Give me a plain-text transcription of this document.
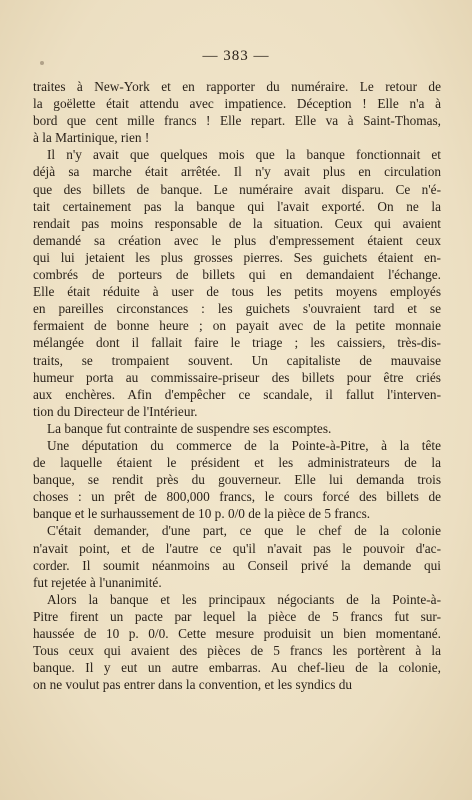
— 383 —
traites à New-York et en rapporter du numéraire. Le retour de
la goëlette était attendu avec impatience. Déception ! Elle n'a à
bord que cent mille francs ! Elle repart. Elle va à Saint-Thomas,
à la Martinique, rien !
Il n'y avait que quelques mois que la banque fonctionnait et
déjà sa marche était arrêtée. Il n'y avait plus en circulation
que des billets de banque. Le numéraire avait disparu. Ce n'é-
tait certainement pas la banque qui l'avait exporté. On ne la
rendait pas moins responsable de la situation. Ceux qui avaient
demandé sa création avec le plus d'empressement étaient ceux
qui lui jetaient les plus grosses pierres. Ses guichets étaient en-
combrés de porteurs de billets qui en demandaient l'échange.
Elle était réduite à user de tous les petits moyens employés
en pareilles circonstances : les guichets s'ouvraient tard et se
fermaient de bonne heure ; on payait avec de la petite monnaie
mélangée dont il fallait faire le triage ; les caissiers, très-dis-
traits, se trompaient souvent. Un capitaliste de mauvaise
humeur porta au commissaire-priseur des billets pour être criés
aux enchères. Afin d'empêcher ce scandale, il fallut l'interven-
tion du Directeur de l'Intérieur.
La banque fut contrainte de suspendre ses escomptes.
Une députation du commerce de la Pointe-à-Pitre, à la tête
de laquelle étaient le président et les administrateurs de la
banque, se rendit près du gouverneur. Elle lui demanda trois
choses : un prêt de 800,000 francs, le cours forcé des billets de
banque et le surhaussement de 10 p. 0/0 de la pièce de 5 francs.
C'était demander, d'une part, ce que le chef de la colonie
n'avait point, et de l'autre ce qu'il n'avait pas le pouvoir d'ac-
corder. Il soumit néanmoins au Conseil privé la demande qui
fut rejetée à l'unanimité.
Alors la banque et les principaux négociants de la Pointe-à-
Pitre firent un pacte par lequel la pièce de 5 francs fut sur-
haussée de 10 p. 0/0. Cette mesure produisit un bien momentané.
Tous ceux qui avaient des pièces de 5 francs les portèrent à la
banque. Il y eut un autre embarras. Au chef-lieu de la colonie,
on ne voulut pas entrer dans la convention, et les syndics du
